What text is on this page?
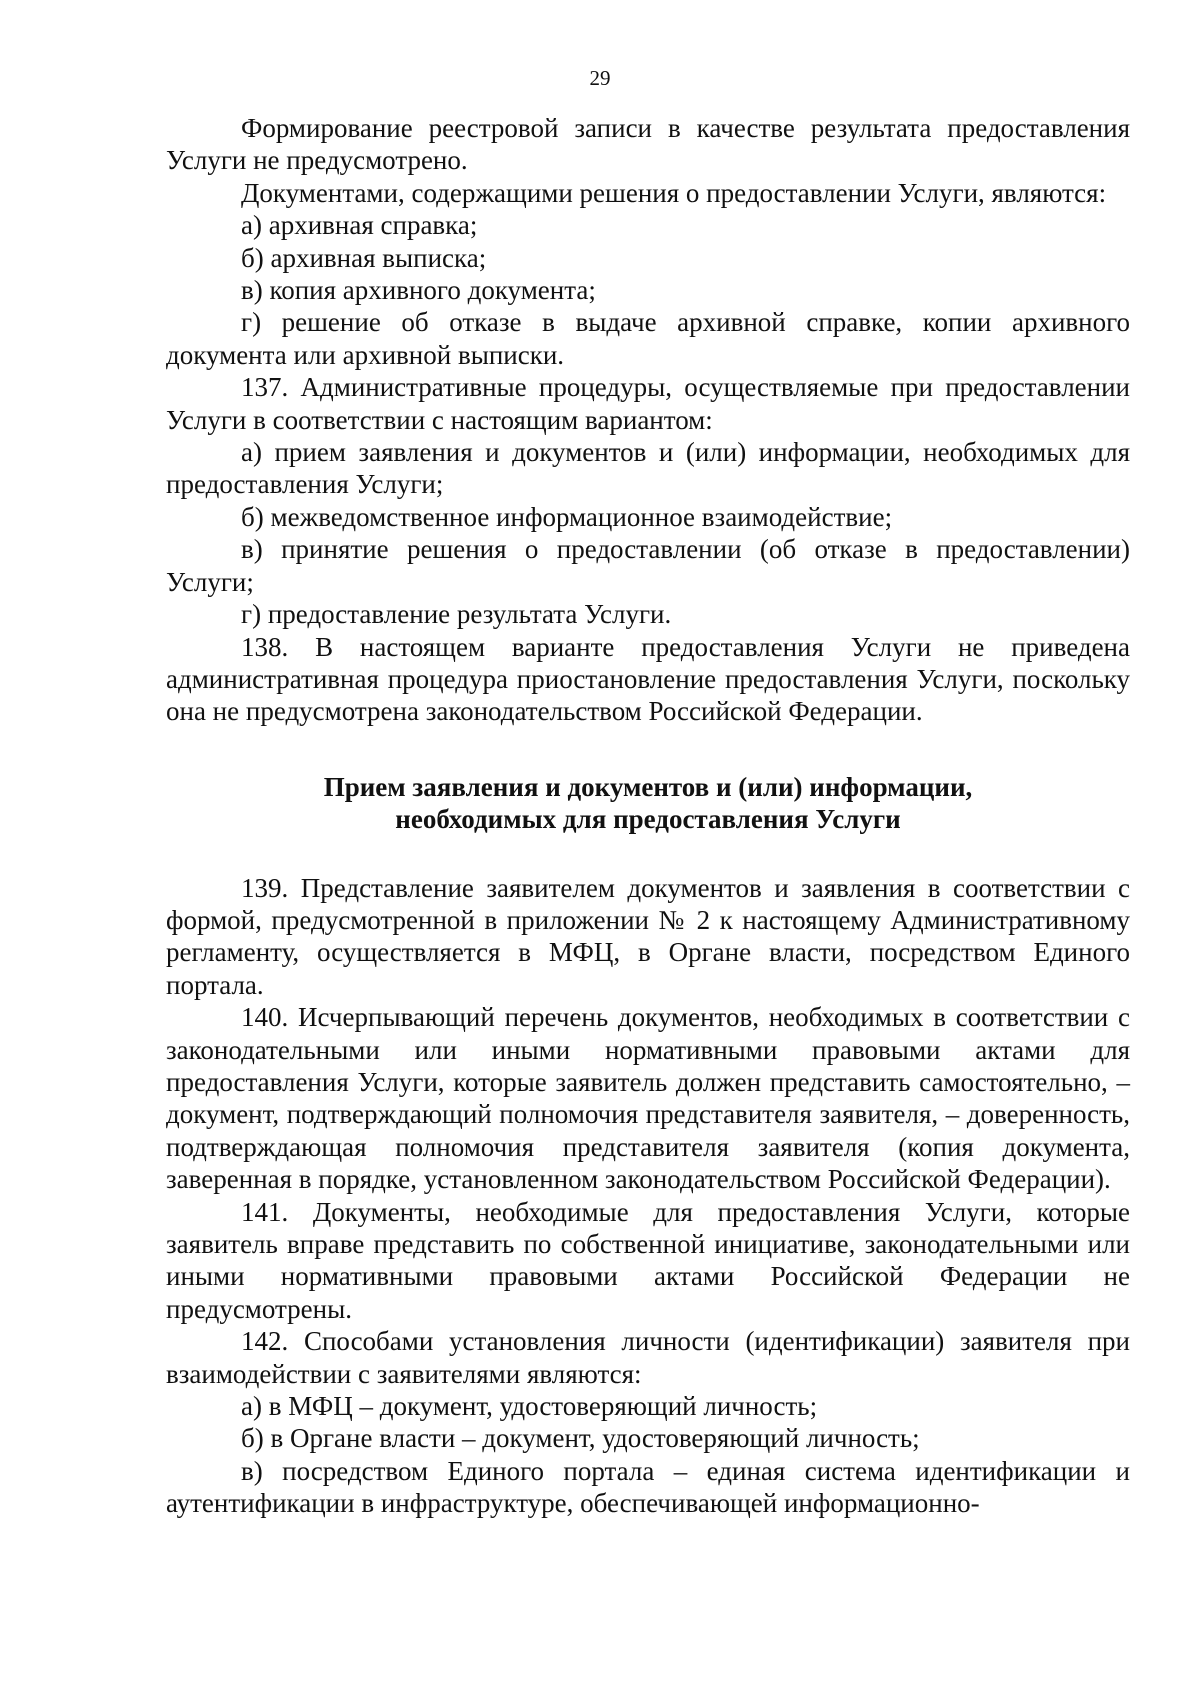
29

Формирование реестровой записи в качестве результата предоставления Услуги не предусмотрено.

Документами, содержащими решения о предоставлении Услуги, являются:

а) архивная справка;

б) архивная выписка;

в) копия архивного документа;

г) решение об отказе в выдаче архивной справке, копии архивного документа или архивной выписки.

137. Административные процедуры, осуществляемые при предоставлении Услуги в соответствии с настоящим вариантом:

а) прием заявления и документов и (или) информации, необходимых для предоставления Услуги;

б) межведомственное информационное взаимодействие;

в) принятие решения о предоставлении (об отказе в предоставлении) Услуги;

г) предоставление результата Услуги.

138. В настоящем варианте предоставления Услуги не приведена административная процедура приостановление предоставления Услуги, поскольку она не предусмотрена законодательством Российской Федерации.

Прием заявления и документов и (или) информации,
необходимых для предоставления Услуги

139. Представление заявителем документов и заявления в соответствии с формой, предусмотренной в приложении № 2 к настоящему Административному регламенту, осуществляется в МФЦ, в Органе власти, посредством Единого портала.

140. Исчерпывающий перечень документов, необходимых в соответствии с законодательными или иными нормативными правовыми актами для предоставления Услуги, которые заявитель должен представить самостоятельно, – документ, подтверждающий полномочия представителя заявителя, – доверенность, подтверждающая полномочия представителя заявителя (копия документа, заверенная в порядке, установленном законодательством Российской Федерации).

141. Документы, необходимые для предоставления Услуги, которые заявитель вправе представить по собственной инициативе, законодательными или иными нормативными правовыми актами Российской Федерации не предусмотрены.

142. Способами установления личности (идентификации) заявителя при взаимодействии с заявителями являются:

а) в МФЦ – документ, удостоверяющий личность;

б) в Органе власти – документ, удостоверяющий личность;

в) посредством Единого портала – единая система идентификации и аутентификации в инфраструктуре, обеспечивающей информационно-
